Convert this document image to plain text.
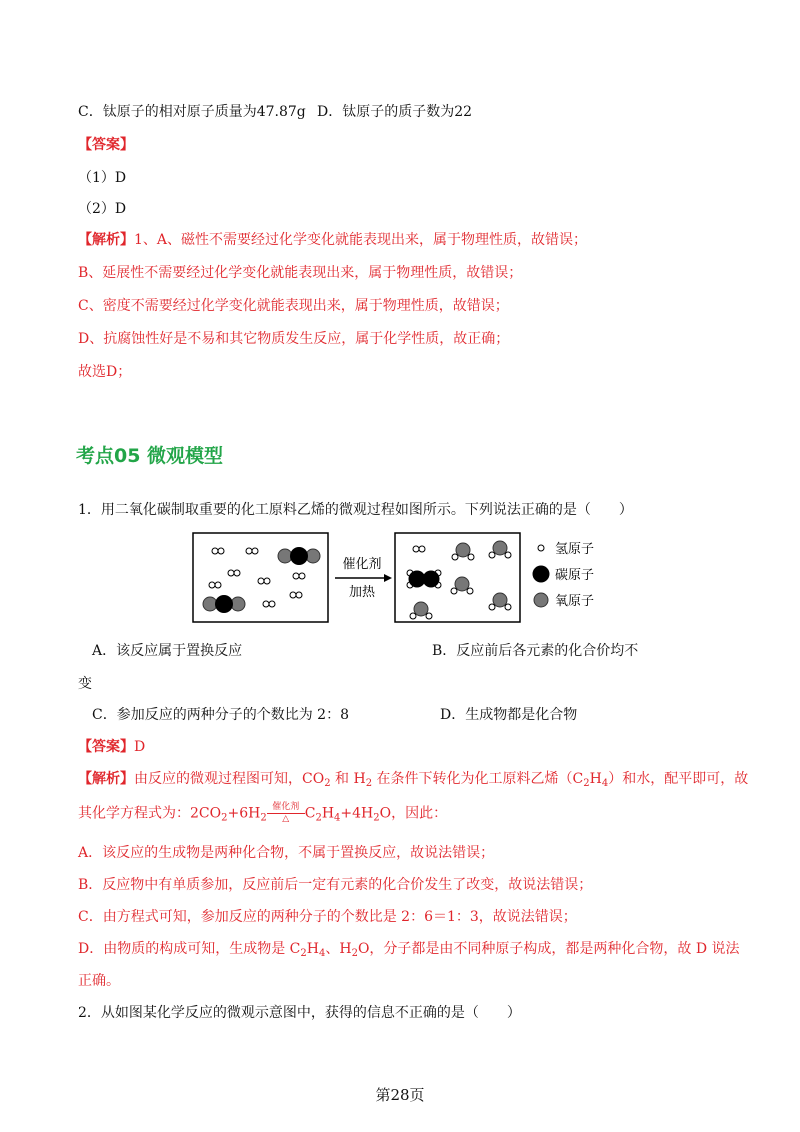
C．钛原子的相对原子质量为47.87g D．钛原子的质子数为22
【答案】
（1）D
（2）D
【解析】1、A、磁性不需要经过化学变化就能表现出来，属于物理性质，故错误；
B、延展性不需要经过化学变化就能表现出来，属于物理性质，故错误；
C、密度不需要经过化学变化就能表现出来，属于物理性质，故错误；
D、抗腐蚀性好是不易和其它物质发生反应，属于化学性质，故正确；
故选D；
考点05 微观模型
1．用二氧化碳制取重要的化工原料乙烯的微观过程如图所示。下列说法正确的是（　　）
催化剂
加热
氢原子
碳原子
氧原子
A．该反应属于置换反应	B．反应前后各元素的化合价均不
变
C．参加反应的两种分子的个数比为 2：8	D．生成物都是化合物
【答案】D
【解析】由反应的微观过程图可知，$CO_2$ 和 $H_2$ 在条件下转化为化工原料乙烯$(C_2H_4)$和水，配平即可，故
其化学方程式为：$2CO_2+6H_2$
催化剂
△	$C_2H_4+4H_2O$，因此：
A．该反应的生成物是两种化合物，不属于置换反应，故说法错误；
B．反应物中有单质参加，反应前后一定有元素的化合价发生了改变，故说法错误；
C．由方程式可知，参加反应的两种分子的个数比是 2：6＝1：3，故说法错误；
D．由物质的构成可知，生成物是 $C_2H_4$、$H_2O$，分子都是由不同种原子构成，都是两种化合物，故 D 说法
正确。
2．从如图某化学反应的微观示意图中，获得的信息不正确的是（　　）
第28页
